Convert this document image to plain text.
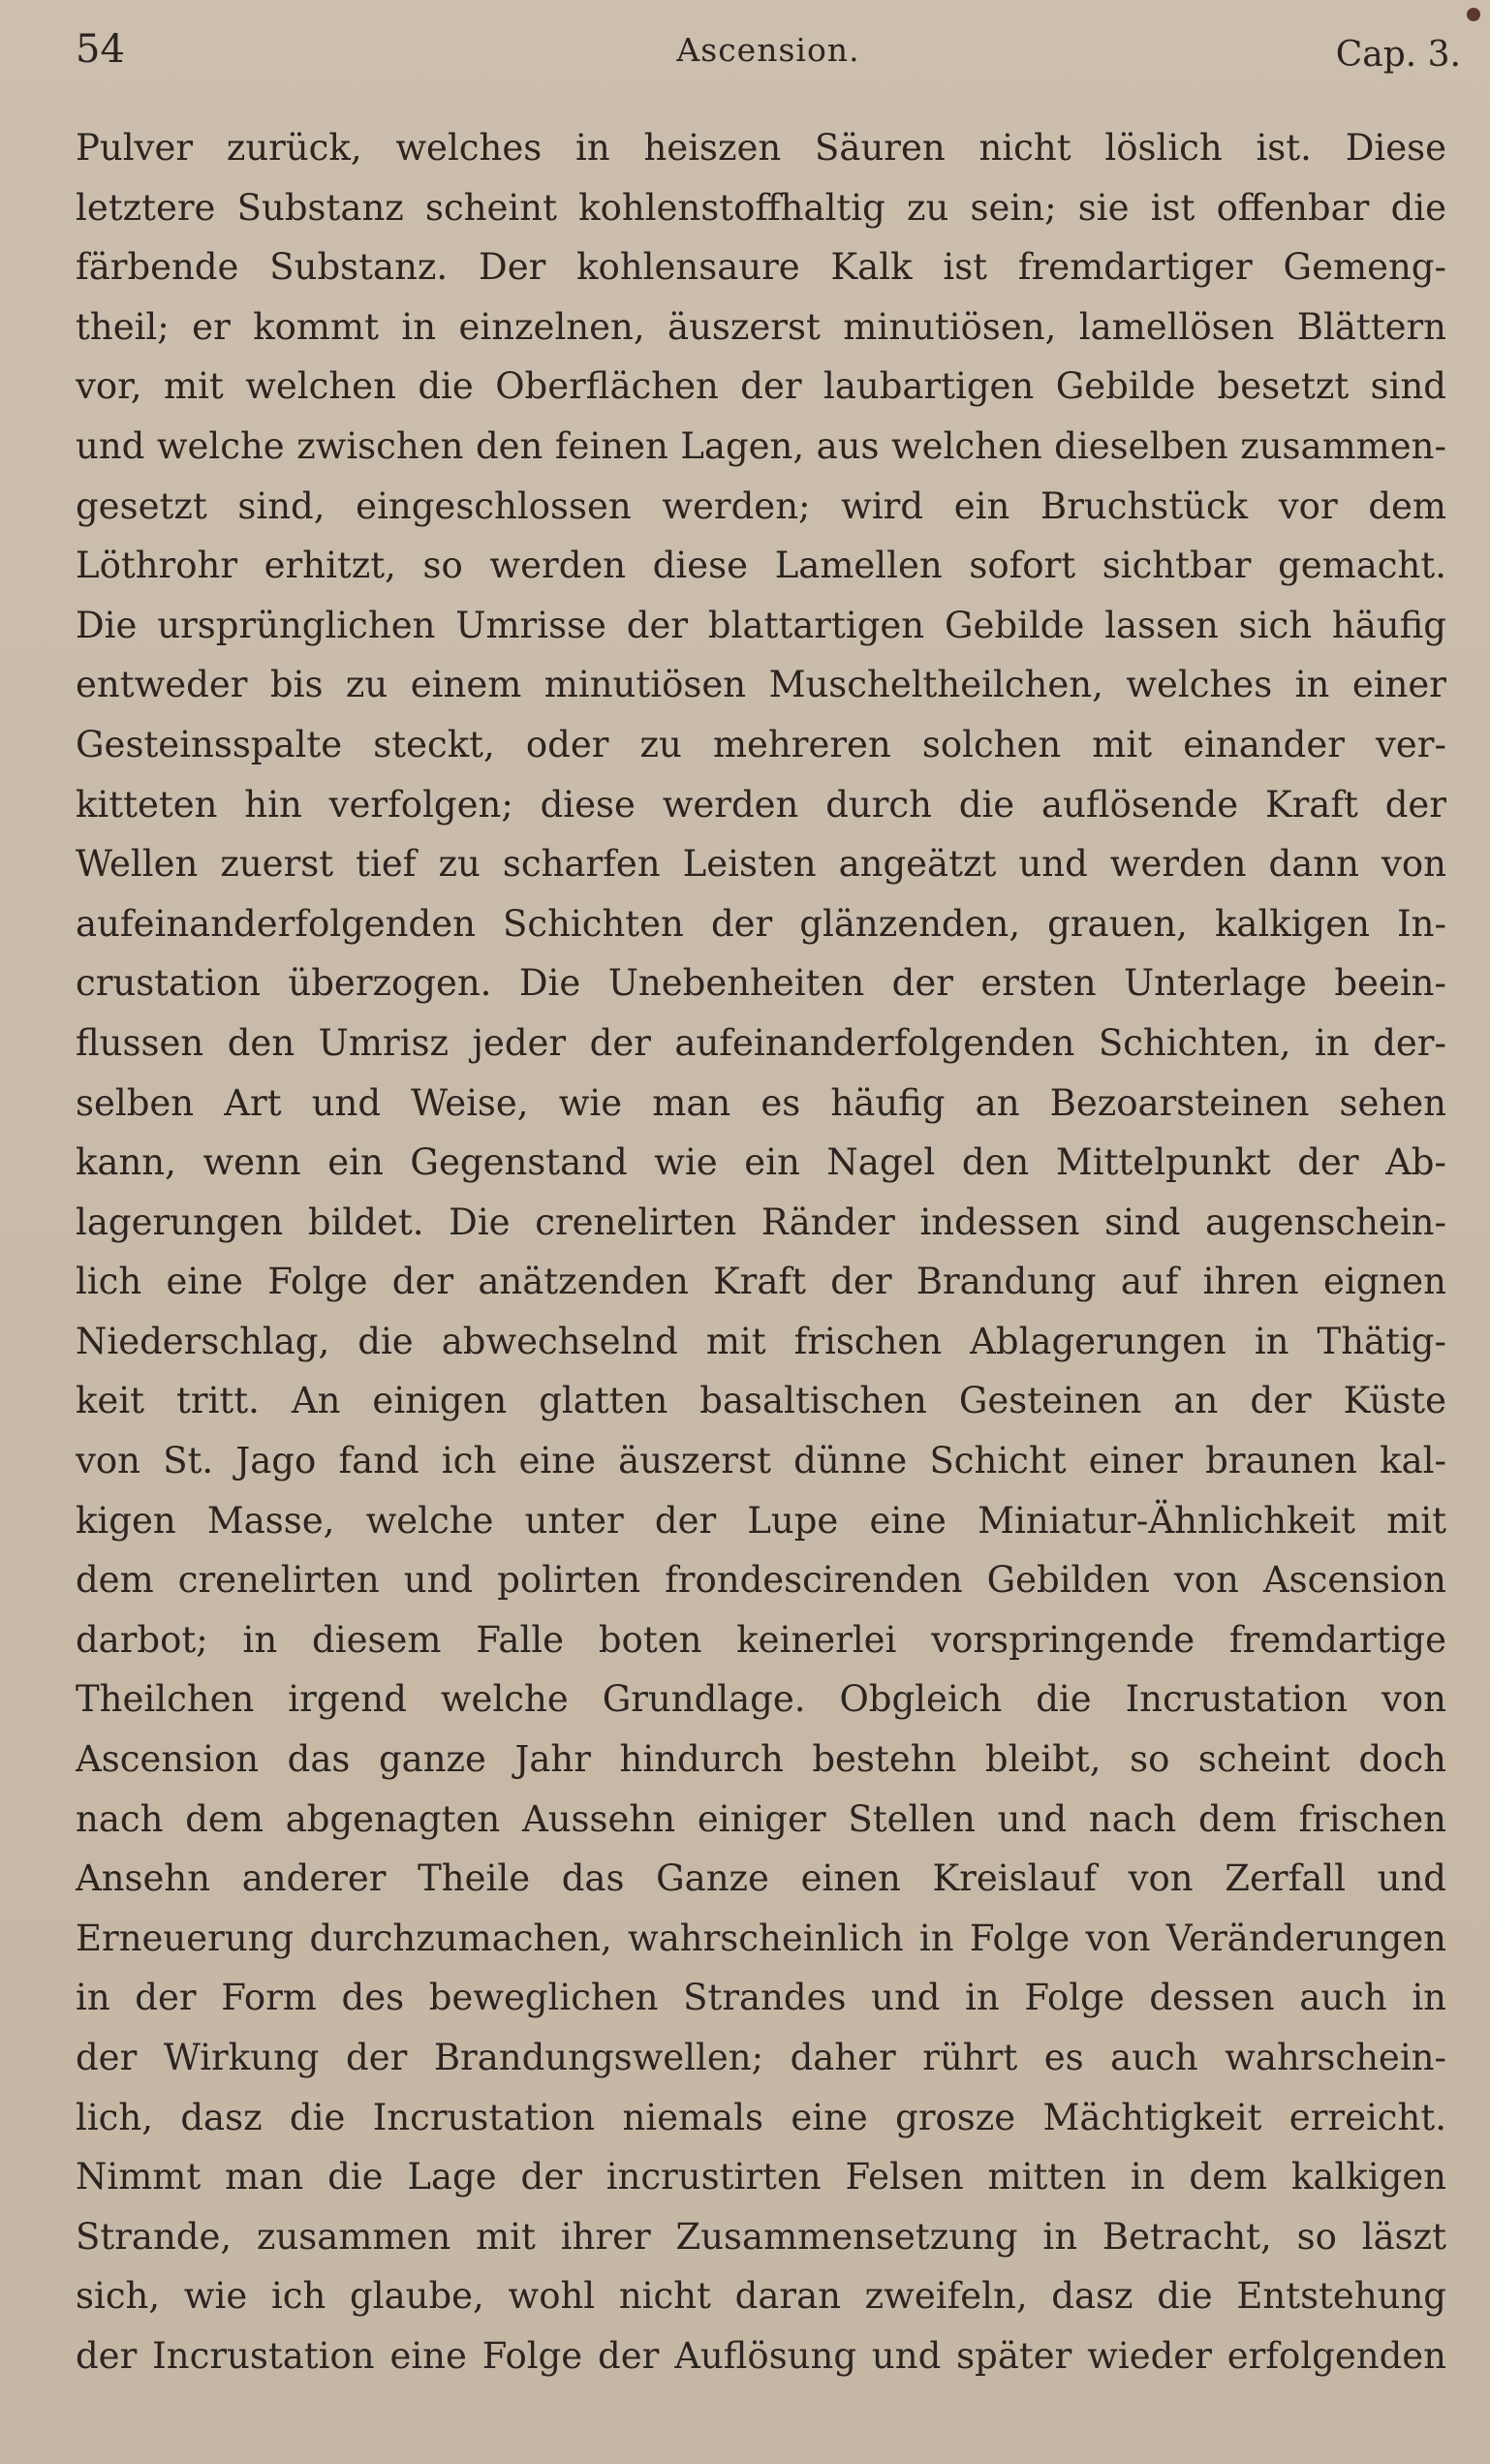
54	Ascension.	Cap. 3.
Pulver zurück, welches in heiszen Säuren nicht löslich ist. Diese
letztere Substanz scheint kohlenstoffhaltig zu sein; sie ist offenbar die
färbende Substanz. Der kohlensaure Kalk ist fremdartiger Gemeng-
theil; er kommt in einzelnen, äuszerst minutiösen, lamellösen Blättern
vor, mit welchen die Oberflächen der laubartigen Gebilde besetzt sind
und welche zwischen den feinen Lagen, aus welchen dieselben zusammen-
gesetzt sind, eingeschlossen werden; wird ein Bruchstück vor dem
Löthrohr erhitzt, so werden diese Lamellen sofort sichtbar gemacht.
Die ursprünglichen Umrisse der blattartigen Gebilde lassen sich häufig
entweder bis zu einem minutiösen Muscheltheilchen, welches in einer
Gesteinsspalte steckt, oder zu mehreren solchen mit einander ver-
kitteten hin verfolgen; diese werden durch die auflösende Kraft der
Wellen zuerst tief zu scharfen Leisten angeätzt und werden dann von
aufeinanderfolgenden Schichten der glänzenden, grauen, kalkigen In-
crustation überzogen. Die Unebenheiten der ersten Unterlage beein-
flussen den Umrisz jeder der aufeinanderfolgenden Schichten, in der-
selben Art und Weise, wie man es häufig an Bezoarsteinen sehen
kann, wenn ein Gegenstand wie ein Nagel den Mittelpunkt der Ab-
lagerungen bildet. Die crenelirten Ränder indessen sind augenschein-
lich eine Folge der anätzenden Kraft der Brandung auf ihren eignen
Niederschlag, die abwechselnd mit frischen Ablagerungen in Thätig-
keit tritt. An einigen glatten basaltischen Gesteinen an der Küste
von St. Jago fand ich eine äuszerst dünne Schicht einer braunen kal-
kigen Masse, welche unter der Lupe eine Miniatur-Ähnlichkeit mit
dem crenelirten und polirten frondescirenden Gebilden von Ascension
darbot; in diesem Falle boten keinerlei vorspringende fremdartige
Theilchen irgend welche Grundlage. Obgleich die Incrustation von
Ascension das ganze Jahr hindurch bestehn bleibt, so scheint doch
nach dem abgenagten Aussehn einiger Stellen und nach dem frischen
Ansehn anderer Theile das Ganze einen Kreislauf von Zerfall und
Erneuerung durchzumachen, wahrscheinlich in Folge von Veränderungen
in der Form des beweglichen Strandes und in Folge dessen auch in
der Wirkung der Brandungswellen; daher rührt es auch wahrschein-
lich, dasz die Incrustation niemals eine grosze Mächtigkeit erreicht.
Nimmt man die Lage der incrustirten Felsen mitten in dem kalkigen
Strande, zusammen mit ihrer Zusammensetzung in Betracht, so läszt
sich, wie ich glaube, wohl nicht daran zweifeln, dasz die Entstehung
der Incrustation eine Folge der Auflösung und später wieder erfolgenden
